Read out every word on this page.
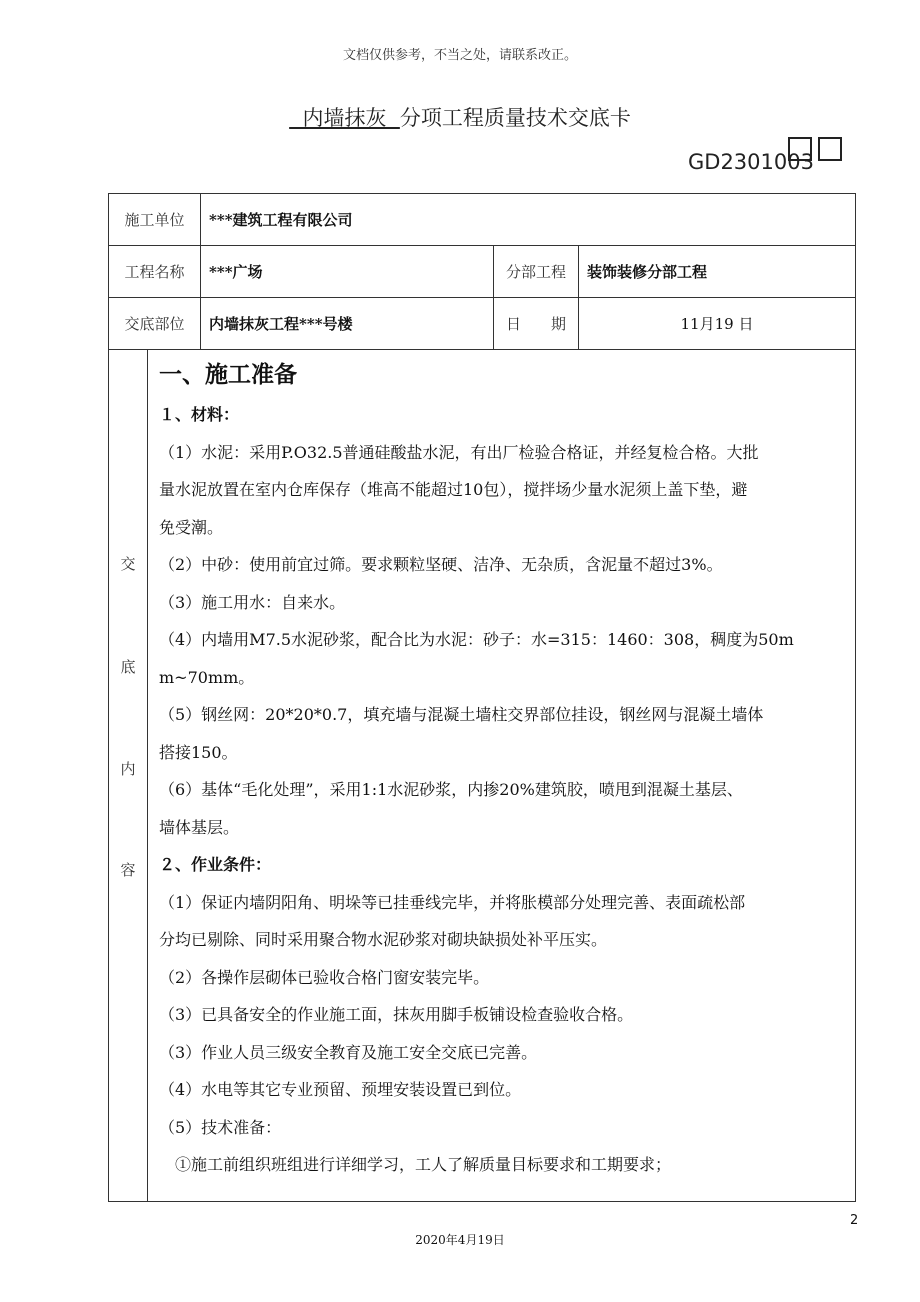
文档仅供参考，不当之处，请联系改正。
内墙抹灰 分项工程质量技术交底卡
GD2301003
施工单位	***建筑工程有限公司		
工程名称	***广场	分部工程	装饰装修分部工程
交底部位	内墙抹灰工程***号楼	日　　期	11月19 日
交
底
内
容

一、施工准备

１、材料：

（1）水泥：采用P.O32.5普通硅酸盐水泥，有出厂检验合格证，并经复检合格。大批

量水泥放置在室内仓库保存（堆高不能超过10包），搅拌场少量水泥须上盖下垫，避

免受潮。

（2）中砂：使用前宜过筛。要求颗粒坚硬、洁净、无杂质，含泥量不超过3%。

（3）施工用水：自来水。

（4）内墙用M7.5水泥砂浆，配合比为水泥：砂子：水=315：1460：308，稠度为50m

m~70mm。

（5）钢丝网：20*20*0.7，填充墙与混凝土墙柱交界部位挂设，钢丝网与混凝土墙体

搭接150。

（6）基体“毛化处理”，采用1:1水泥砂浆，内掺20%建筑胶，喷甩到混凝土基层、

墙体基层。

２、作业条件：

（1）保证内墙阴阳角、明垛等已挂垂线完毕，并将胀模部分处理完善、表面疏松部

分均已剔除、同时采用聚合物水泥砂浆对砌块缺损处补平压实。

（2）各操作层砌体已验收合格门窗安装完毕。

（3）已具备安全的作业施工面，抹灰用脚手板铺设检查验收合格。

（3）作业人员三级安全教育及施工安全交底已完善。

（4）水电等其它专业预留、预埋安装设置已到位。

（5）技术准备：

　①施工前组织班组进行详细学习，工人了解质量目标要求和工期要求；

2
2020年4月19日
